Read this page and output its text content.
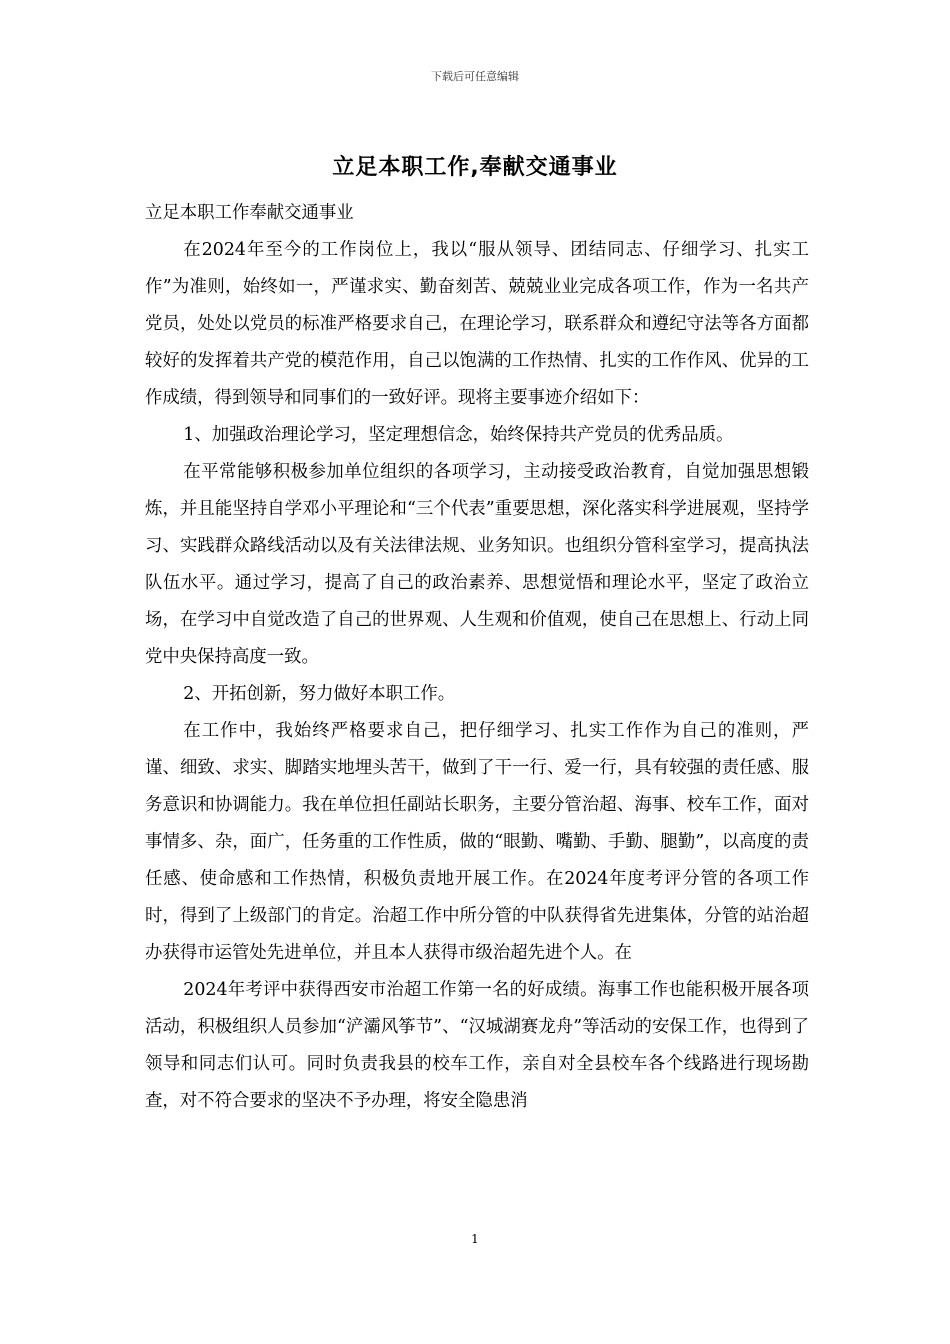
下载后可任意编辑
立足本职工作,奉献交通事业

立足本职工作奉献交通事业

在2024年至今的工作岗位上，我以“服从领导、团结同志、仔细学习、扎实工作”为准则，始终如一，严谨求实、勤奋刻苦、兢兢业业完成各项工作，作为一名共产党员，处处以党员的标准严格要求自己，在理论学习，联系群众和遵纪守法等各方面都较好的发挥着共产党的模范作用，自己以饱满的工作热情、扎实的工作作风、优异的工作成绩，得到领导和同事们的一致好评。现将主要事迹介绍如下：

1、加强政治理论学习，坚定理想信念，始终保持共产党员的优秀品质。

在平常能够积极参加单位组织的各项学习，主动接受政治教育，自觉加强思想锻炼，并且能坚持自学邓小平理论和“三个代表”重要思想，深化落实科学进展观，坚持学习、实践群众路线活动以及有关法律法规、业务知识。也组织分管科室学习，提高执法队伍水平。通过学习，提高了自己的政治素养、思想觉悟和理论水平，坚定了政治立场，在学习中自觉改造了自己的世界观、人生观和价值观，使自己在思想上、行动上同党中央保持高度一致。

2、开拓创新，努力做好本职工作。

在工作中，我始终严格要求自己，把仔细学习、扎实工作作为自己的准则，严谨、细致、求实、脚踏实地埋头苦干，做到了干一行、爱一行，具有较强的责任感、服务意识和协调能力。我在单位担任副站长职务，主要分管治超、海事、校车工作，面对事情多、杂，面广，任务重的工作性质，做的“眼勤、嘴勤、手勤、腿勤”，以高度的责任感、使命感和工作热情，积极负责地开展工作。在2024年度考评分管的各项工作时，得到了上级部门的肯定。治超工作中所分管的中队获得省先进集体，分管的站治超办获得市运管处先进单位，并且本人获得市级治超先进个人。在

2024年考评中获得西安市治超工作第一名的好成绩。海事工作也能积极开展各项活动，积极组织人员参加“浐灞风筝节”、“汉城湖赛龙舟”等活动的安保工作，也得到了领导和同志们认可。同时负责我县的校车工作，亲自对全县校车各个线路进行现场勘查，对不符合要求的坚决不予办理，将安全隐患消

1
